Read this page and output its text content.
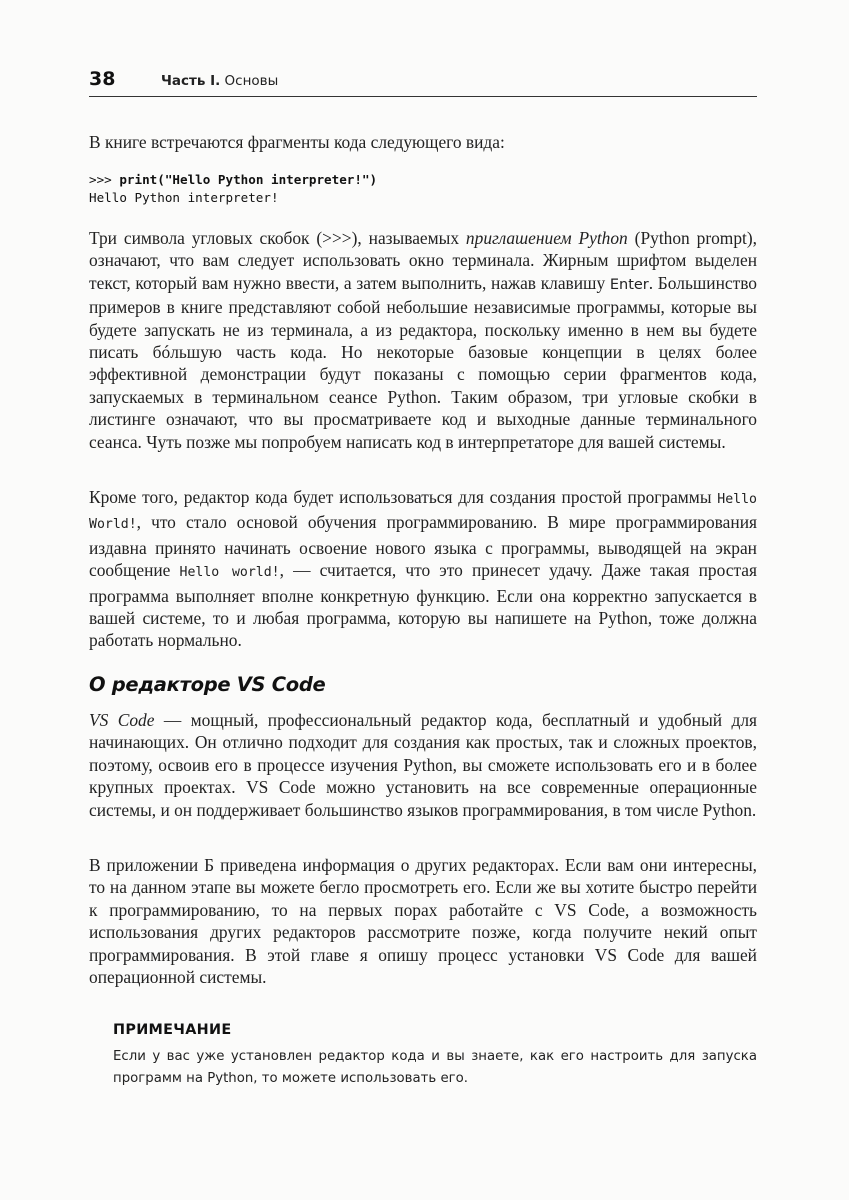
38	Часть I. Основы

В книге встречаются фрагменты кода следующего вида:

>>> print("Hello Python interpreter!")
Hello Python interpreter!

Три символа угловых скобок (>>>), называемых приглашением Python (Python prompt), означают, что вам следует использовать окно терминала. Жирным шрифтом выделен текст, который вам нужно ввести, а затем выполнить, нажав клавишу Enter. Большинство примеров в книге представляют собой небольшие независимые программы, которые вы будете запускать не из терминала, а из редактора, поскольку именно в нем вы будете писать бóльшую часть кода. Но некоторые базовые концепции в целях более эффективной демонстрации будут показаны с помощью серии фрагментов кода, запускаемых в терминальном сеансе Python. Таким образом, три угловые скобки в листинге означают, что вы просматриваете код и выходные данные терминального сеанса. Чуть позже мы попробуем написать код в интерпретаторе для вашей системы.

Кроме того, редактор кода будет использоваться для создания простой программы Hello World!, что стало основой обучения программированию. В мире программирования издавна принято начинать освоение нового языка с программы, выводящей на экран сообщение Hello world!, — считается, что это принесет удачу. Даже такая простая программа выполняет вполне конкретную функцию. Если она корректно запускается в вашей системе, то и любая программа, которую вы напишете на Python, тоже должна работать нормально.

О редакторе VS Code

VS Code — мощный, профессиональный редактор кода, бесплатный и удобный для начинающих. Он отлично подходит для создания как простых, так и сложных проектов, поэтому, освоив его в процессе изучения Python, вы сможете использовать его и в более крупных проектах. VS Code можно установить на все современные операционные системы, и он поддерживает большинство языков программирования, в том числе Python.

В приложении Б приведена информация о других редакторах. Если вам они интересны, то на данном этапе вы можете бегло просмотреть его. Если же вы хотите быстро перейти к программированию, то на первых порах работайте с VS Code, а возможность использования других редакторов рассмотрите позже, когда получите некий опыт программирования. В этой главе я опишу процесс установки VS Code для вашей операционной системы.

ПРИМЕЧАНИЕ

Если у вас уже установлен редактор кода и вы знаете, как его настроить для запуска программ на Python, то можете использовать его.
